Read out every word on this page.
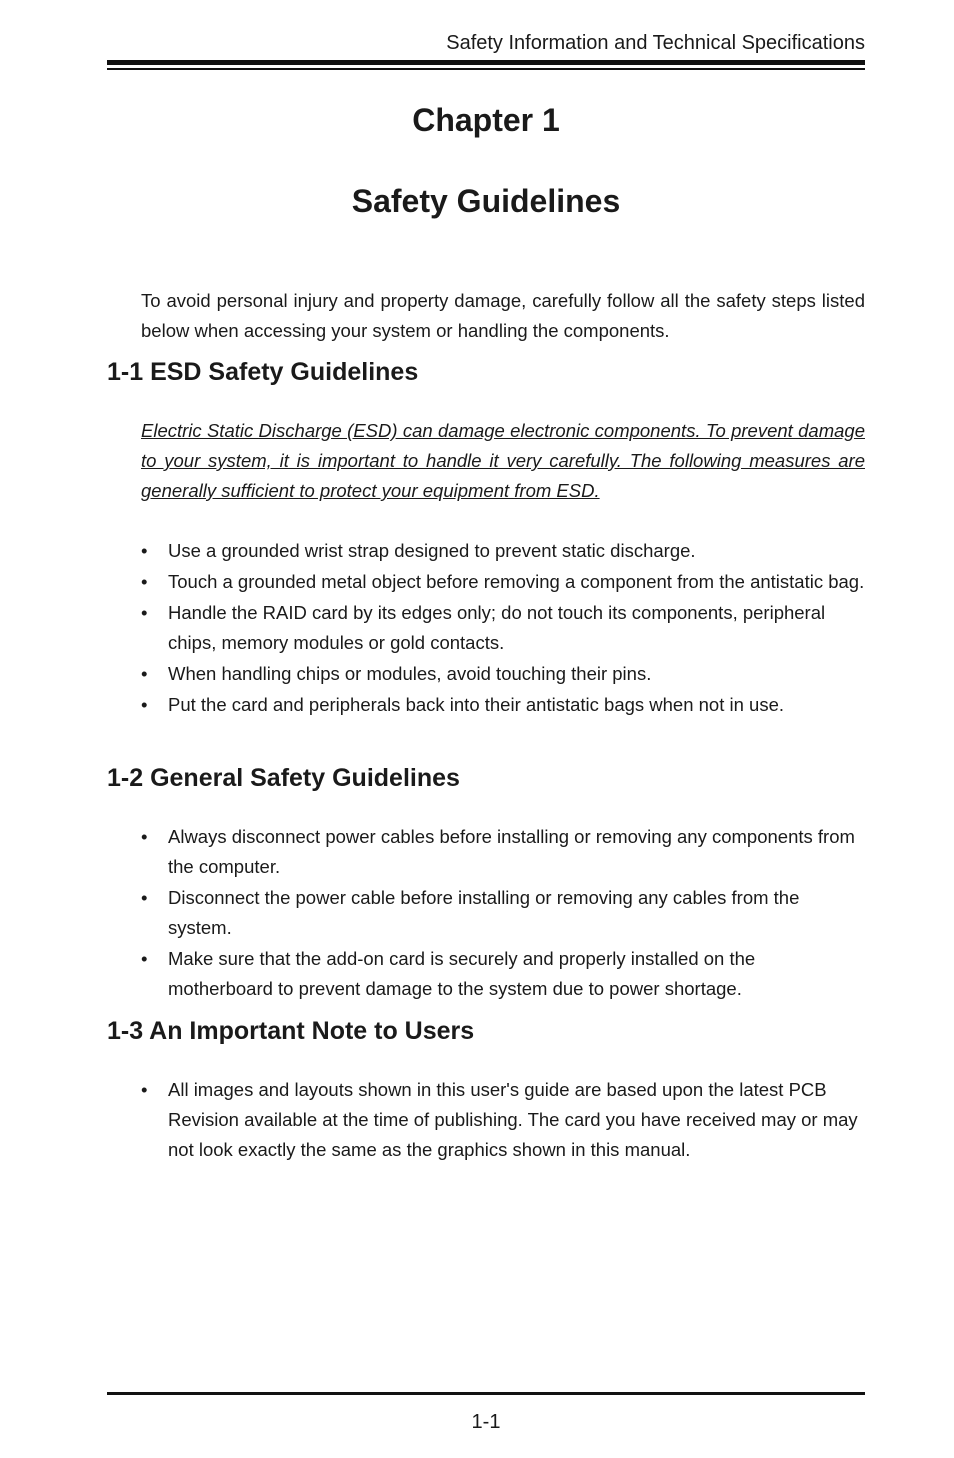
Safety Information and Technical Specifications
Chapter 1
Safety Guidelines

To avoid personal injury and property damage, carefully follow all the safety steps listed below when accessing your system or handling the components.

1-1 ESD Safety Guidelines

Electric Static Discharge (ESD) can damage electronic components. To prevent damage to your system, it is important to handle it very carefully. The following measures are generally sufficient to protect your equipment from ESD.

• Use a grounded wrist strap designed to prevent static discharge.
• Touch a grounded metal object before removing a component from the antistatic bag.
• Handle the RAID card by its edges only; do not touch its components, peripheral chips, memory modules or gold contacts.
• When handling chips or modules, avoid touching their pins.
• Put the card and peripherals back into their antistatic bags when not in use.
1-2 General Safety Guidelines
• Always disconnect power cables before installing or removing any components from the computer.
• Disconnect the power cable before installing or removing any cables from the system.
• Make sure that the add-on card is securely and properly installed on the motherboard to prevent damage to the system due to power shortage.
1-3 An Important Note to Users
• All images and layouts shown in this user's guide are based upon the latest PCB Revision available at the time of publishing. The card you have received may or may not look exactly the same as the graphics shown in this manual.
1-1
